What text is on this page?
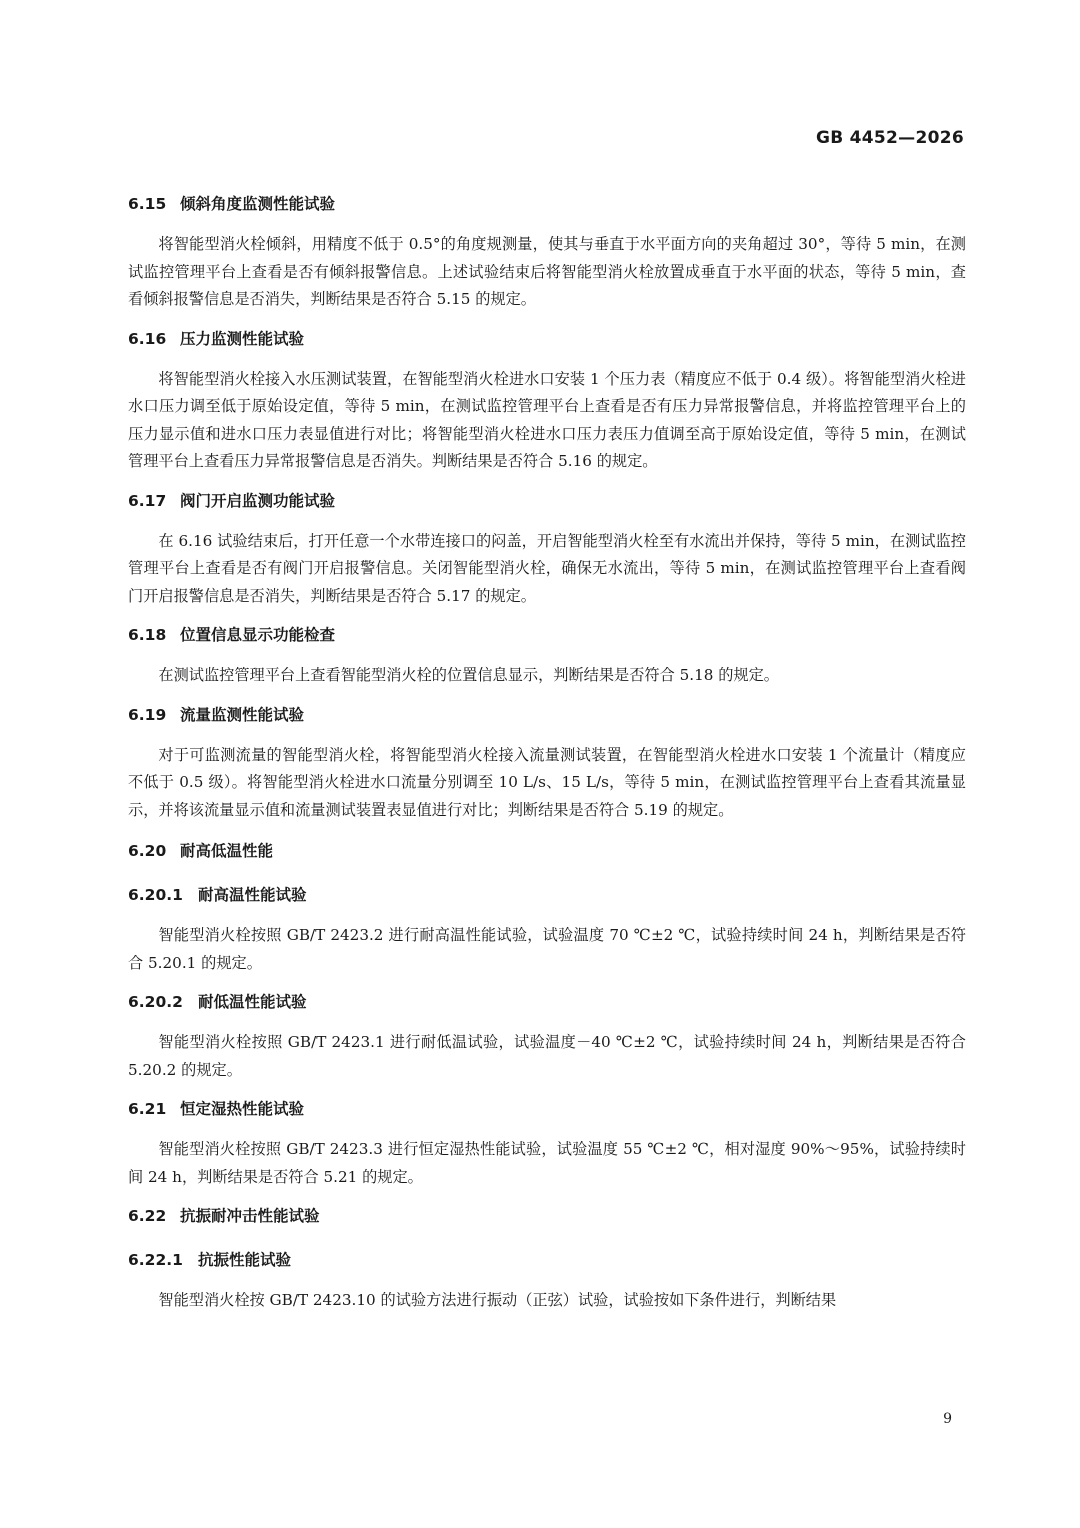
GB 4452—2026
6.15 倾斜角度监测性能试验

将智能型消火栓倾斜，用精度不低于 0.5°的角度规测量，使其与垂直于水平面方向的夹角超过 30°，等待 5 min，在测试监控管理平台上查看是否有倾斜报警信息。上述试验结束后将智能型消火栓放置成垂直于水平面的状态，等待 5 min，查看倾斜报警信息是否消失，判断结果是否符合 5.15 的规定。

6.16 压力监测性能试验

将智能型消火栓接入水压测试装置，在智能型消火栓进水口安装 1 个压力表（精度应不低于 0.4 级）。将智能型消火栓进水口压力调至低于原始设定值，等待 5 min，在测试监控管理平台上查看是否有压力异常报警信息，并将监控管理平台上的压力显示值和进水口压力表显值进行对比；将智能型消火栓进水口压力表压力值调至高于原始设定值，等待 5 min，在测试管理平台上查看压力异常报警信息是否消失。判断结果是否符合 5.16 的规定。

6.17 阀门开启监测功能试验

在 6.16 试验结束后，打开任意一个水带连接口的闷盖，开启智能型消火栓至有水流出并保持，等待 5 min，在测试监控管理平台上查看是否有阀门开启报警信息。关闭智能型消火栓，确保无水流出，等待 5 min，在测试监控管理平台上查看阀门开启报警信息是否消失，判断结果是否符合 5.17 的规定。

6.18 位置信息显示功能检查

在测试监控管理平台上查看智能型消火栓的位置信息显示，判断结果是否符合 5.18 的规定。

6.19 流量监测性能试验

对于可监测流量的智能型消火栓，将智能型消火栓接入流量测试装置，在智能型消火栓进水口安装 1 个流量计（精度应不低于 0.5 级）。将智能型消火栓进水口流量分别调至 10 L/s、15 L/s，等待 5 min，在测试监控管理平台上查看其流量显示，并将该流量显示值和流量测试装置表显值进行对比；判断结果是否符合 5.19 的规定。

6.20 耐高低温性能
6.20.1 耐高温性能试验

智能型消火栓按照 GB/T 2423.2 进行耐高温性能试验，试验温度 70 ℃±2 ℃，试验持续时间 24 h，判断结果是否符合 5.20.1 的规定。

6.20.2 耐低温性能试验

智能型消火栓按照 GB/T 2423.1 进行耐低温试验，试验温度－40 ℃±2 ℃，试验持续时间 24 h，判断结果是否符合 5.20.2 的规定。

6.21 恒定湿热性能试验

智能型消火栓按照 GB/T 2423.3 进行恒定湿热性能试验，试验温度 55 ℃±2 ℃，相对湿度 90%～95%，试验持续时间 24 h，判断结果是否符合 5.21 的规定。

6.22 抗振耐冲击性能试验
6.22.1 抗振性能试验

智能型消火栓按 GB/T 2423.10 的试验方法进行振动（正弦）试验，试验按如下条件进行，判断结果

9
